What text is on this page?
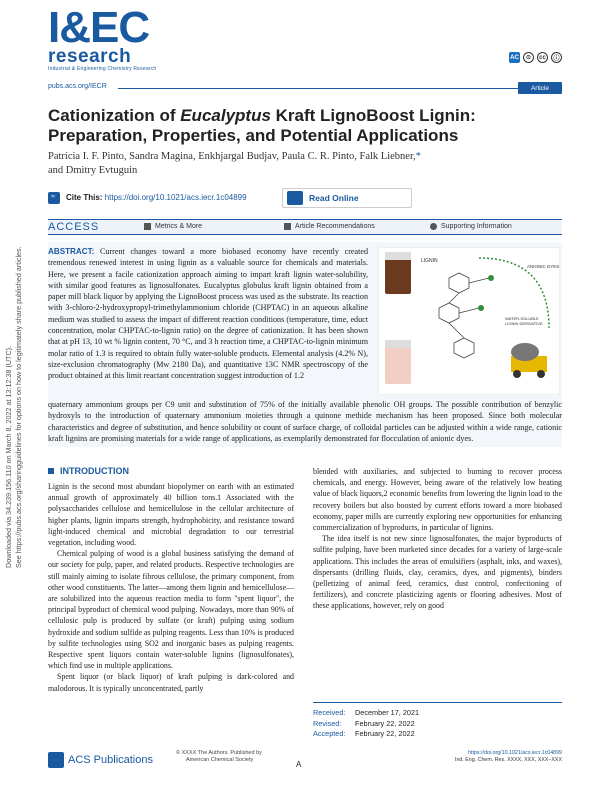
Downloaded via 34.239.156.110 on March 8, 2022 at 13:12:38 (UTC). See https://pubs.acs.org/sharingguidelines for options on how to legitimately share published articles.
I&EC
research
Industrial & Engineering Chemistry Research
AC	⊙	cc	ⓘ
pubs.acs.org/IECR	Article
Cationization of Eucalyptus Kraft LignoBoost Lignin: Preparation, Properties, and Potential Applications
Patrícia I. F. Pinto, Sandra Magina, Enkhjargal Budjav, Paula C. R. Pinto, Falk Liebner,*
and Dmitry Evtuguin
" Cite This: https://doi.org/10.1021/acs.iecr.1c04899	Read Online
ACCESS	Metrics & More	Article Recommendations	Supporting Information
ABSTRACT: Current changes toward a more biobased economy have recently created tremendous renewed interest in using lignin as a valuable source for chemicals and materials. Here, we present a facile cationization approach aiming to impart kraft lignin water-solubility, with similar good features as lignosulfonates. Eucalyptus globulus kraft lignin obtained from a paper mill black liquor by applying the LignoBoost process was used as the substrate. Its reaction with 3-chloro-2-hydroxypropyl-trimethylammonium chloride (CHPTAC) in an aqueous alkaline medium was studied to assess the impact of different reaction conditions (temperature, time, educt concentration, molar CHPTAC-to-lignin ratio) on the degree of cationization. It has been shown that at pH 13, 10 wt % lignin content, 70 °C, and 3 h reaction time, a CHPTAC-to-lignin minimum molar ratio of 1.3 is required to obtain fully water-soluble products. Elemental analysis (4.2% N), size-exclusion chromatography (Mw 2180 Da), and quantitative 13C NMR spectroscopy of the product obtained at this limit reactant concentration suggest introduction of 1.2
quaternary ammonium groups per C9 unit and substitution of 75% of the initially available phenolic OH groups. The possible contribution of benzylic hydroxyls to the introduction of quaternary ammonium moieties through a quinone methide mechanism has been proposed. Since both molecular characteristics and degree of substitution, and hence solubility or count of surface charge, of colloidal particles can be adjusted within a wide range, cationic kraft lignins are promising materials for a wide range of applications, as exemplarily demonstrated for flocculation of anionic dyes.
LIGNIN
WATER-SOLUBLE LIGNIN DERIVATIVE
ANIONIC DYES
INTRODUCTION

Lignin is the second most abundant biopolymer on earth with an estimated annual growth of approximately 40 billion tons.1 Associated with the polysaccharides cellulose and hemicellulose in the cellular architecture of higher plants, lignin imparts strength, hydrophobicity, and resistance toward light-induced chemical and microbial degradation to our terrestrial vegetation, including wood.

Chemical pulping of wood is a global business satisfying the demand of our society for pulp, paper, and related products. Respective technologies are still mainly aiming to isolate fibrous cellulose, the primary component, from other wood constituents. The latter—among them lignin and hemicellulose—are solubilized into the aqueous reaction media to form "spent liquor", the principal byproduct of chemical wood pulping. Nowadays, more than 90% of cellulosic pulp is produced by sulfate (or kraft) pulping using sodium hydroxide and sodium sulfide as pulping reagents. Less than 10% is produced by sulfite technologies using SO2 and inorganic bases as pulping reagents. Respective spent liquors contain water-soluble lignins (lignosulfonates), which find use in multiple applications.

Spent liquor (or black liquor) of kraft pulping is dark-colored and malodorous. It is typically unconcentrated, partly

blended with auxiliaries, and subjected to burning to recover process chemicals, and energy. However, being aware of the relatively low heating value of black liquors,2 economic benefits from lowering the lignin load to the recovery boilers but also boosted by current efforts toward a more biobased economy, paper mills are currently exploring new opportunities for enhancing commercialization of byproducts, in particular of lignins.

The idea itself is not new since lignosulfonates, the major byproducts of sulfite pulping, have been marketed since decades for a variety of large-scale applications. This includes the areas of emulsifiers (asphalt, inks, and waxes), dispersants (drilling fluids, clay, ceramics, dyes, and pigments), binders (pelletizing of animal feed, ceramics, dust control, confectioning of fertilizers), and concrete plasticizing agents or flooring adhesives. Most of these applications, however, rely on good

Received: December 17, 2021
Revised: February 22, 2022
Accepted: February 22, 2022
ACS Publications
© XXXX The Authors. Published by
American Chemical Society	A
https://doi.org/10.1021/acs.iecr.1c04899
Ind. Eng. Chem. Res. XXXX, XXX, XXX−XXX
